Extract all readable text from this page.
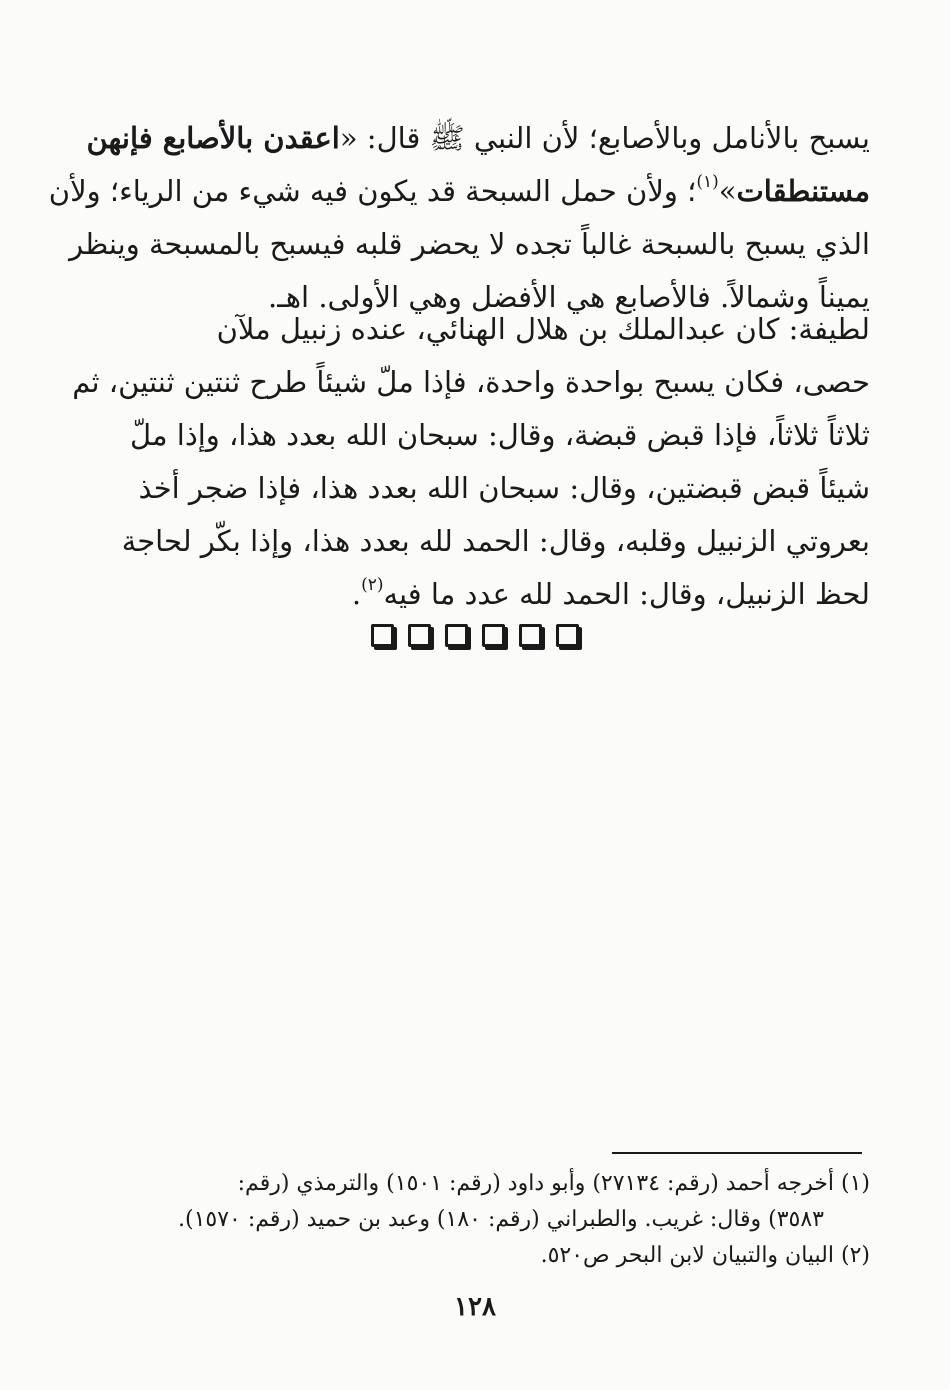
يسبح بالأنامل وبالأصابع؛ لأن النبي ﷺ قال: «اعقدن بالأصابع فإنهن
مستنطقات»$^{(١)}$؛ ولأن حمل السبحة قد يكون فيه شيء من الرياء؛ ولأن
الذي يسبح بالسبحة غالباً تجده لا يحضر قلبه فيسبح بالمسبحة وينظر
يميناً وشمالاً. فالأصابع هي الأفضل وهي الأولى. اهـ.
لطيفة: كان عبدالملك بن هلال الهنائي، عنده زنبيل ملآن
حصى، فكان يسبح بواحدة واحدة، فإذا ملّ شيئاً طرح ثنتين ثنتين، ثم
ثلاثاً ثلاثاً، فإذا قبض قبضة، وقال: سبحان الله بعدد هذا، وإذا ملّ
شيئاً قبض قبضتين، وقال: سبحان الله بعدد هذا، فإذا ضجر أخذ
بعروتي الزنبيل وقلبه، وقال: الحمد لله بعدد هذا، وإذا بكّر لحاجة
لحظ الزنبيل، وقال: الحمد لله عدد ما فيه$^{(٢)}$.
(١) أخرجه أحمد (رقم: ٢٧١٣٤) وأبو داود (رقم: ١٥٠١) والترمذي (رقم:
٣٥٨٣) وقال: غريب. والطبراني (رقم: ١٨٠) وعبد بن حميد (رقم: ١٥٧٠).
(٢) البيان والتبيان لابن البحر ص٥٢٠.
١٢٨
